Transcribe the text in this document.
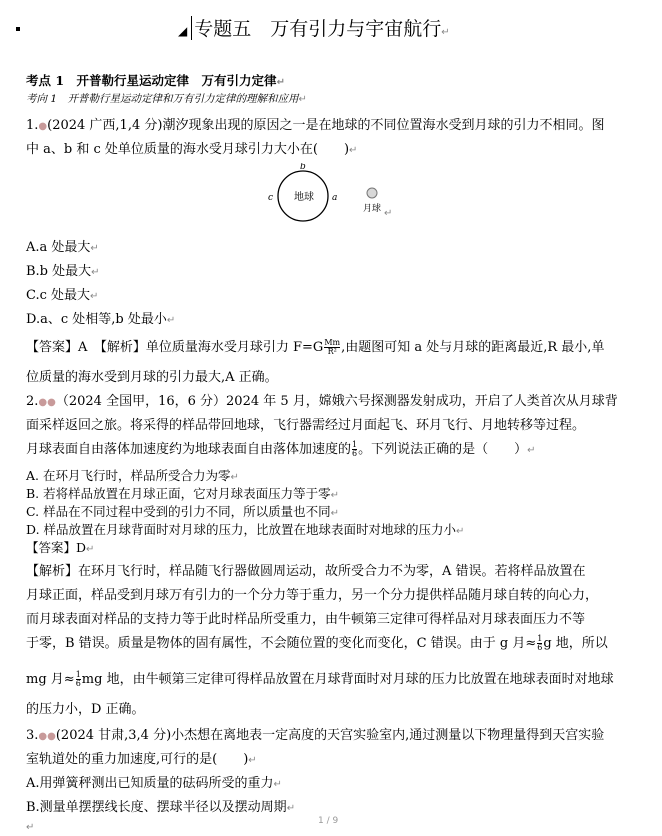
◢ 专题五　万有引力与宇宙航行↵
考点 1　开普勒行星运动定律　万有引力定律↵
考向 1　开普勒行星运动定律和万有引力定律的理解和应用↵
1.●(2024 广西,1,4 分)潮汐现象出现的原因之一是在地球的不同位置海水受到月球的引力不相同。图
中 a、b 和 c 处单位质量的海水受月球引力大小在(　　)↵
地球
b
c	a
月球 ↵
A.a 处最大↵
B.b 处最大↵
C.c 处最大↵
D.a、c 处相等,b 处最小↵
【答案】A　【解析】单位质量海水受月球引力 $F=G \frac{Mm}{\text{R²}}$ ,由题图可知 a 处与月球的距离最近,R 最小,单
位质量的海水受到月球的引力最大,A 正确。
2.●●（2024 全国甲，16，6 分）2024 年 5 月，嫦娥六号探测器发射成功，开启了人类首次从月球背
面采样返回之旅。将采得的样品带回地球，飞行器需经过月面起飞、环月飞行、月地转移等过程。
月球表面自由落体加速度约为地球表面自由落体加速度的 $\frac{1}{6}$ 。下列说法正确的是（　　）↵
A. 在环月飞行时，样品所受合力为零↵
B. 若将样品放置在月球正面，它对月球表面压力等于零↵
C. 样品在不同过程中受到的引力不同，所以质量也不同↵
D. 样品放置在月球背面时对月球的压力，比放置在地球表面时对地球的压力小↵
【答案】D↵
【解析】在环月飞行时，样品随飞行器做圆周运动，故所受合力不为零，A 错误。若将样品放置在
月球正面，样品受到月球万有引力的一个分力等于重力，另一个分力提供样品随月球自转的向心力，
而月球表面对样品的支持力等于此时样品所受重力，由牛顿第三定律可得样品对月球表面压力不等
于零，B 错误。质量是物体的固有属性，不会随位置的变化而变化，C 错误。由于 g 月≈ $\frac{1}{6}$ g 地，所以
mg 月≈ $\frac{1}{6}$ mg 地，由牛顿第三定律可得样品放置在月球背面时对月球的压力比放置在地球表面时对地球
的压力小，D 正确。
3.●●(2024 甘肃,3,4 分)小杰想在离地表一定高度的天宫实验室内,通过测量以下物理量得到天宫实验
室轨道处的重力加速度,可行的是(　　)↵
A.用弹簧秤测出已知质量的砝码所受的重力↵
B.测量单摆摆线长度、摆球半径以及摆动周期↵
1 / 9
↵
